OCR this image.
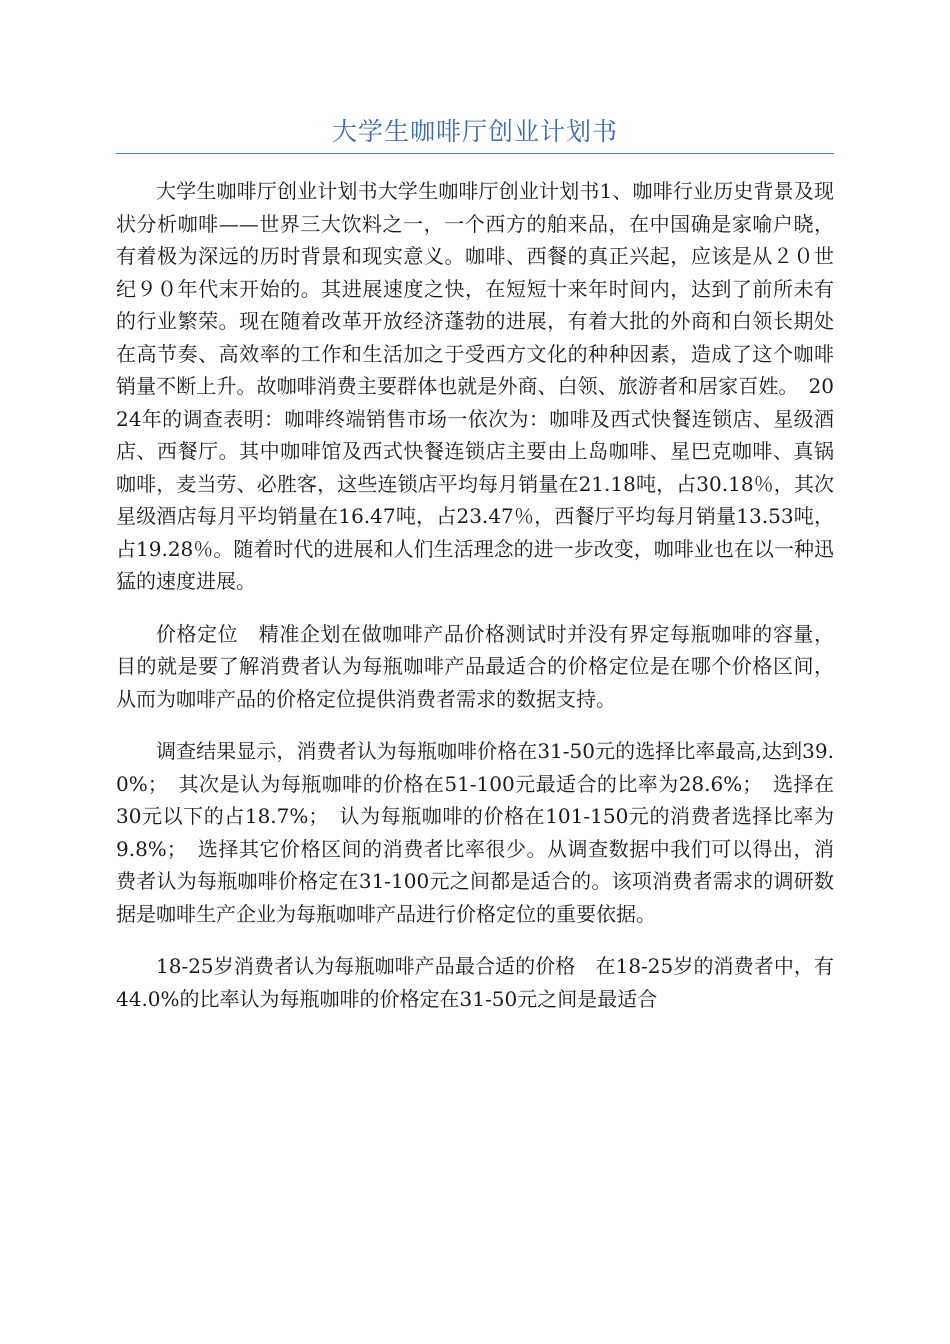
大学生咖啡厅创业计划书

大学生咖啡厅创业计划书大学生咖啡厅创业计划书1、咖啡行业历史背景及现状分析咖啡——世界三大饮料之一，一个西方的舶来品，在中国确是家喻户晓，有着极为深远的历时背景和现实意义。咖啡、西餐的真正兴起，应该是从２０世纪９０年代末开始的。其进展速度之快，在短短十来年时间内，达到了前所未有的行业繁荣。现在随着改革开放经济蓬勃的进展，有着大批的外商和白领长期处在高节奏、高效率的工作和生活加之于受西方文化的种种因素，造成了这个咖啡销量不断上升。故咖啡消费主要群体也就是外商、白领、旅游者和居家百姓。　2024年的调查表明：咖啡终端销售市场一依次为：咖啡及西式快餐连锁店、星级酒店、西餐厅。其中咖啡馆及西式快餐连锁店主要由上岛咖啡、星巴克咖啡、真锅咖啡，麦当劳、必胜客，这些连锁店平均每月销量在21.18吨，占30.18％，其次星级酒店每月平均销量在16.47吨，占23.47％，西餐厅平均每月销量13.53吨，占19.28％。随着时代的进展和人们生活理念的进一步改变，咖啡业也在以一种迅猛的速度进展。

价格定位　精准企划在做咖啡产品价格测试时并没有界定每瓶咖啡的容量，目的就是要了解消费者认为每瓶咖啡产品最适合的价格定位是在哪个价格区间，从而为咖啡产品的价格定位提供消费者需求的数据支持。

调查结果显示，消费者认为每瓶咖啡价格在31-50元的选择比率最高,达到39.0%；　其次是认为每瓶咖啡的价格在51-100元最适合的比率为28.6%；　选择在30元以下的占18.7%；　认为每瓶咖啡的价格在101-150元的消费者选择比率为9.8%；　选择其它价格区间的消费者比率很少。从调查数据中我们可以得出，消费者认为每瓶咖啡价格定在31-100元之间都是适合的。该项消费者需求的调研数据是咖啡生产企业为每瓶咖啡产品进行价格定位的重要依据。

18-25岁消费者认为每瓶咖啡产品最合适的价格　在18-25岁的消费者中，有44.0%的比率认为每瓶咖啡的价格定在31-50元之间是最适合
